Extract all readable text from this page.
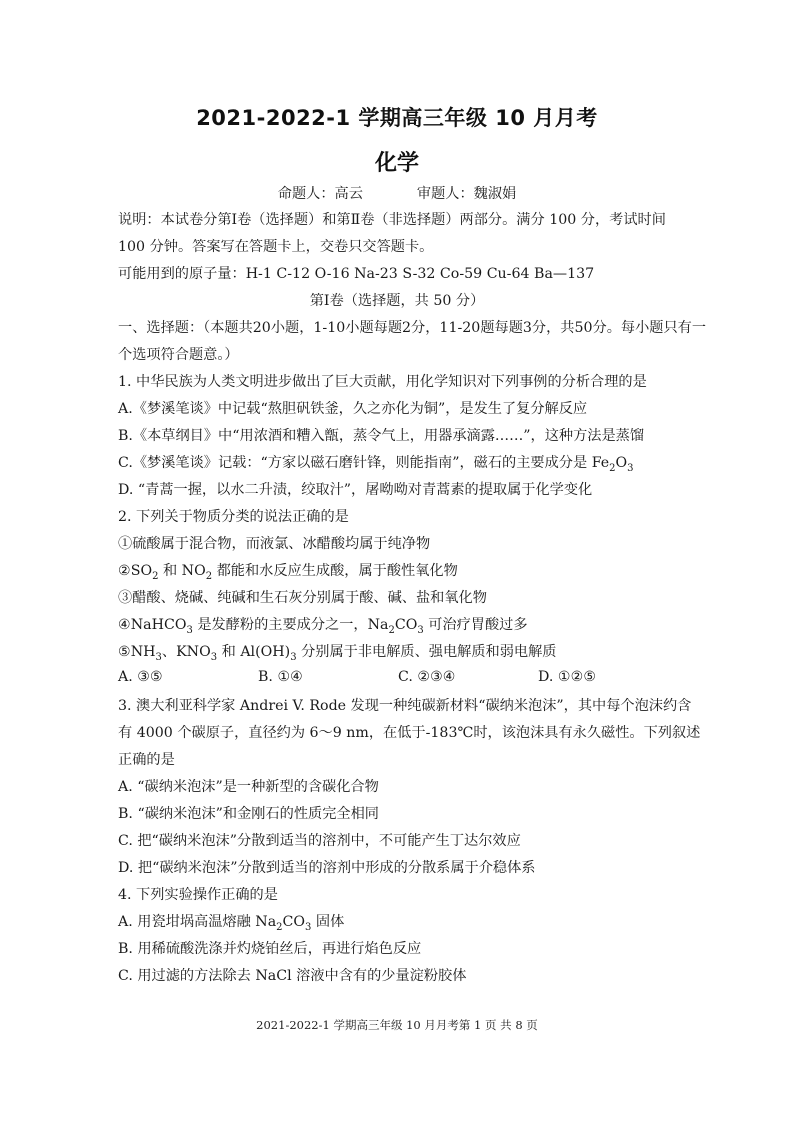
2021-2022-1 学期高三年级 10 月月考
化学
命题人：高云	审题人：魏淑娟
说明：本试卷分第Ⅰ卷（选择题）和第Ⅱ卷（非选择题）两部分。满分 100 分，考试时间
100 分钟。答案写在答题卡上，交卷只交答题卡。
可能用到的原子量：H-1 C-12 O-16 Na-23 S-32 Co-59 Cu-64 Ba—137
第Ⅰ卷（选择题，共 50 分）
一、选择题：（本题共20小题，1-10小题每题2分，11-20题每题3分，共50分。每小题只有一
个选项符合题意。）
1. 中华民族为人类文明进步做出了巨大贡献，用化学知识对下列事例的分析合理的是
A.《梦溪笔谈》中记载“熬胆矾铁釜，久之亦化为铜”，是发生了复分解反应
B.《本草纲目》中“用浓酒和糟入甑，蒸令气上，用器承滴露……”，这种方法是蒸馏
C.《梦溪笔谈》记载：“方家以磁石磨针锋，则能指南”，磁石的主要成分是 $Fe_2O_3$
D. “青蒿一握，以水二升渍，绞取汁”，屠呦呦对青蒿素的提取属于化学变化
2. 下列关于物质分类的说法正确的是
①硫酸属于混合物，而液氯、冰醋酸均属于纯净物
$②SO_2$ 和 $NO_2$ 都能和水反应生成酸，属于酸性氧化物
③醋酸、烧碱、纯碱和生石灰分别属于酸、碱、盐和氧化物
④NaHCO$_3$ 是发酵粉的主要成分之一，$Na_2CO_3$ 可治疗胃酸过多
$⑤NH_3$、$KNO_3$ 和 $Al(OH)_3$ 分别属于非电解质、强电解质和弱电解质
A. ③⑤	B. ①④	C. ②③④	D. ①②⑤
3. 澳大利亚科学家 Andrei V. Rode 发现一种纯碳新材料“碳纳米泡沫”，其中每个泡沫约含
有 4000 个碳原子，直径约为 6～9 nm，在低于-183℃时，该泡沫具有永久磁性。下列叙述
正确的是
A. “碳纳米泡沫”是一种新型的含碳化合物
B. “碳纳米泡沫”和金刚石的性质完全相同
C. 把“碳纳米泡沫”分散到适当的溶剂中，不可能产生丁达尔效应
D. 把“碳纳米泡沫”分散到适当的溶剂中形成的分散系属于介稳体系
4. 下列实验操作正确的是
A. 用瓷坩埚高温熔融 $Na_2CO_3$ 固体
B. 用稀硫酸洗涤并灼烧铂丝后，再进行焰色反应
C. 用过滤的方法除去 NaCl 溶液中含有的少量淀粉胶体
2021-2022-1 学期高三年级 10 月月考第 1 页 共 8 页
